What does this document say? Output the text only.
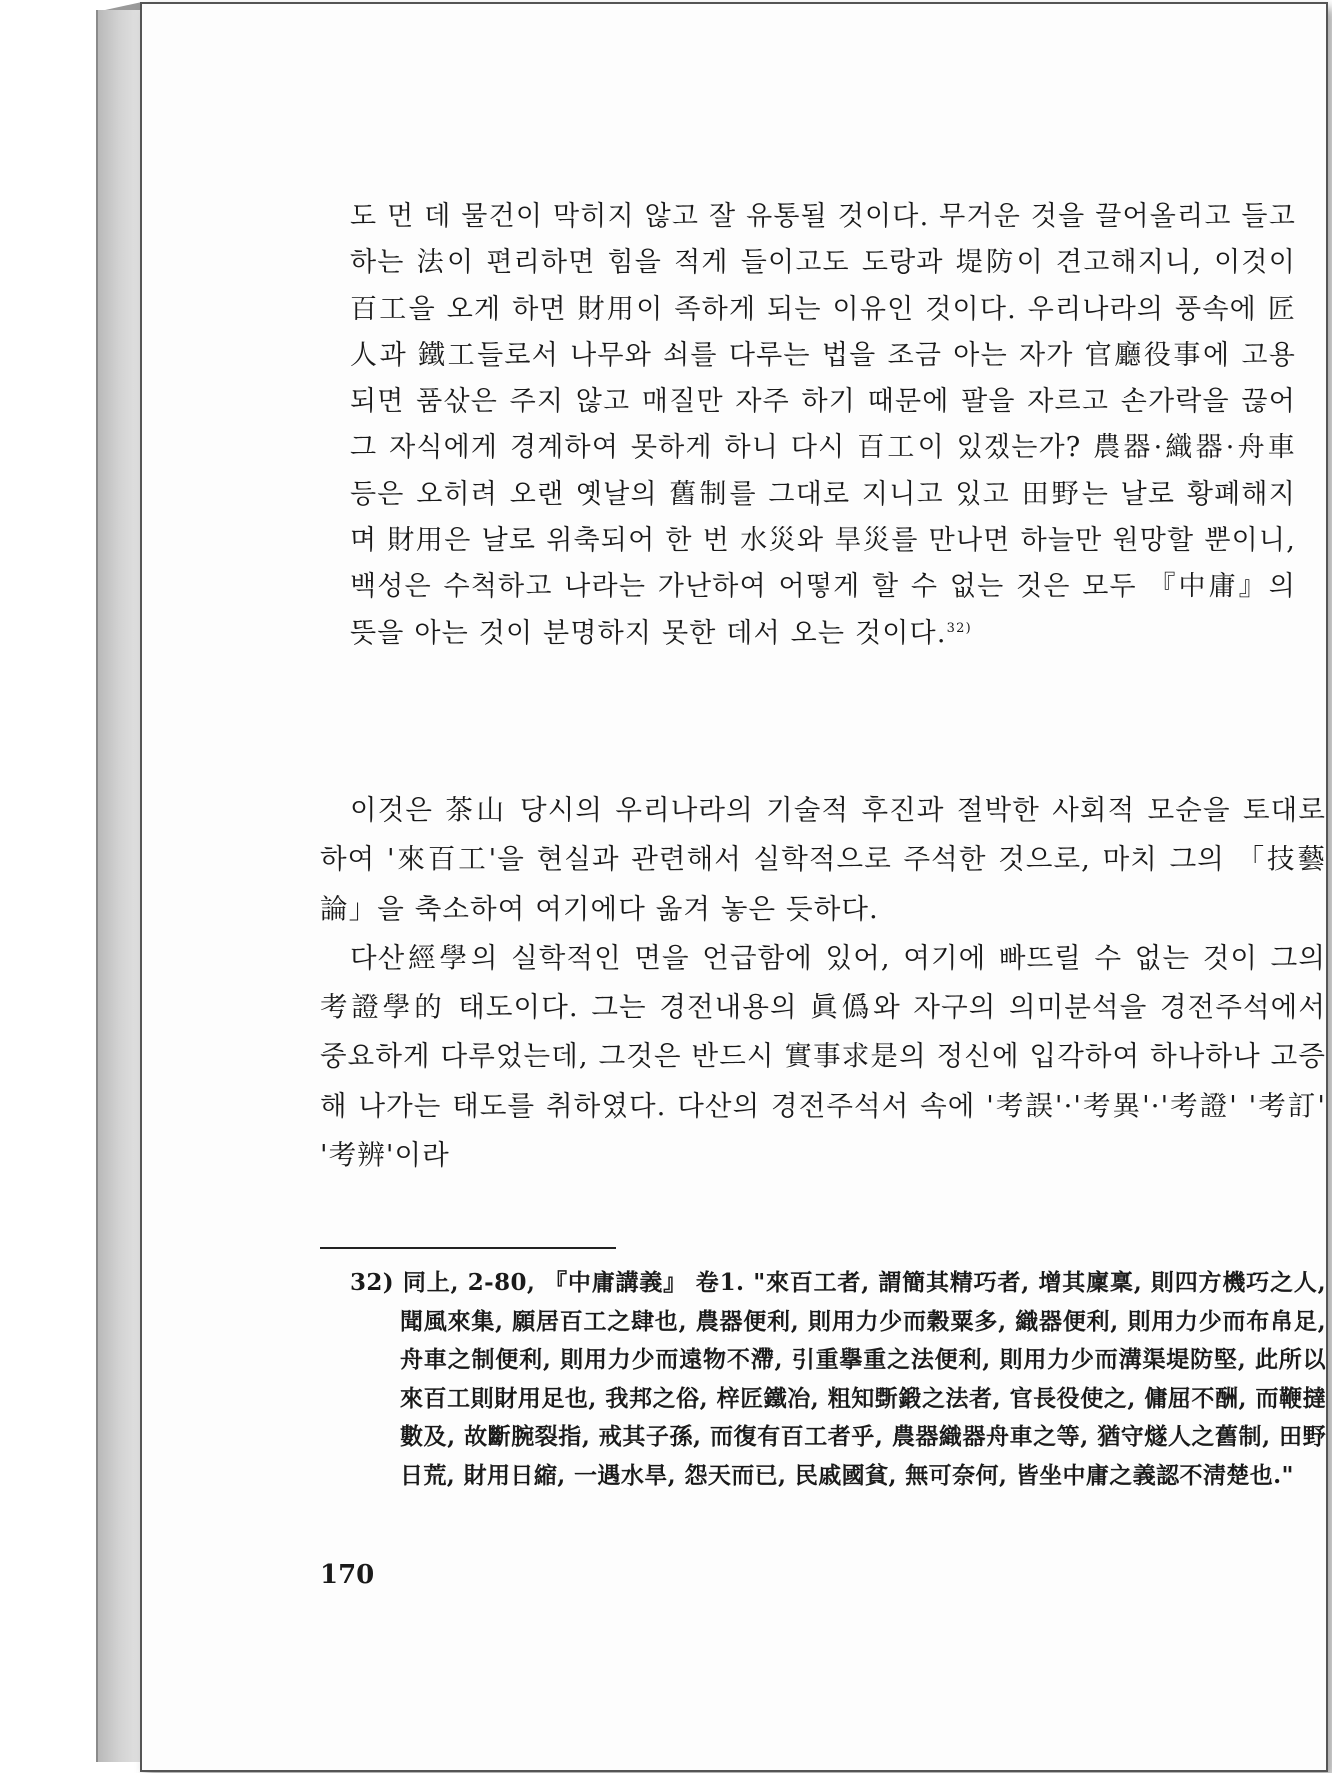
도 먼 데 물건이 막히지 않고 잘 유통될 것이다. 무거운 것을 끌어올리고 들고 하는 法이 편리하면 힘을 적게 들이고도 도랑과 堤防이 견고해지니, 이것이 百工을 오게 하면 財用이 족하게 되는 이유인 것이다. 우리나라의 풍속에 匠人과 鐵工들로서 나무와 쇠를 다루는 법을 조금 아는 자가 官廳役事에 고용되면 품삯은 주지 않고 매질만 자주 하기 때문에 팔을 자르고 손가락을 끊어 그 자식에게 경계하여 못하게 하니 다시 百工이 있겠는가? 農器·織器·舟車 등은 오히려 오랜 옛날의 舊制를 그대로 지니고 있고 田野는 날로 황폐해지며 財用은 날로 위축되어 한 번 水災와 旱災를 만나면 하늘만 원망할 뿐이니, 백성은 수척하고 나라는 가난하여 어떻게 할 수 없는 것은 모두 『中庸』의 뜻을 아는 것이 분명하지 못한 데서 오는 것이다.$^{32)}$

이것은 茶山 당시의 우리나라의 기술적 후진과 절박한 사회적 모순을 토대로 하여 '來百工'을 현실과 관련해서 실학적으로 주석한 것으로, 마치 그의 「技藝論」을 축소하여 여기에다 옮겨 놓은 듯하다.

다산經學의 실학적인 면을 언급함에 있어, 여기에 빠뜨릴 수 없는 것이 그의 考證學的 태도이다. 그는 경전내용의 眞僞와 자구의 의미분석을 경전주석에서 중요하게 다루었는데, 그것은 반드시 實事求是의 정신에 입각하여 하나하나 고증해 나가는 태도를 취하였다. 다산의 경전주석서 속에 '考誤'·'考異'·'考證' '考訂' '考辨'이라

32) 同上, 2-80, 『中庸講義』 卷1. "來百工者, 謂簡其精巧者, 增其廩稟, 則四方機巧之人, 聞風來集, 願居百工之肆也, 農器便利, 則用力少而穀粟多, 織器便利, 則用力少而布帛足, 舟車之制便利, 則用力少而遠物不滯, 引重擧重之法便利, 則用力少而溝渠堤防堅, 此所以來百工則財用足也, 我邦之俗, 梓匠鐵冶, 粗知斲鍛之法者, 官長役使之, 傭屈不酬, 而鞭撻數及, 故斷腕裂指, 戒其子孫, 而復有百工者乎, 農器織器舟車之等, 猶守燧人之舊制, 田野日荒, 財用日縮, 一遇水旱, 怨天而已, 民戚國貧, 無可奈何, 皆坐中庸之義認不淸楚也."

170
